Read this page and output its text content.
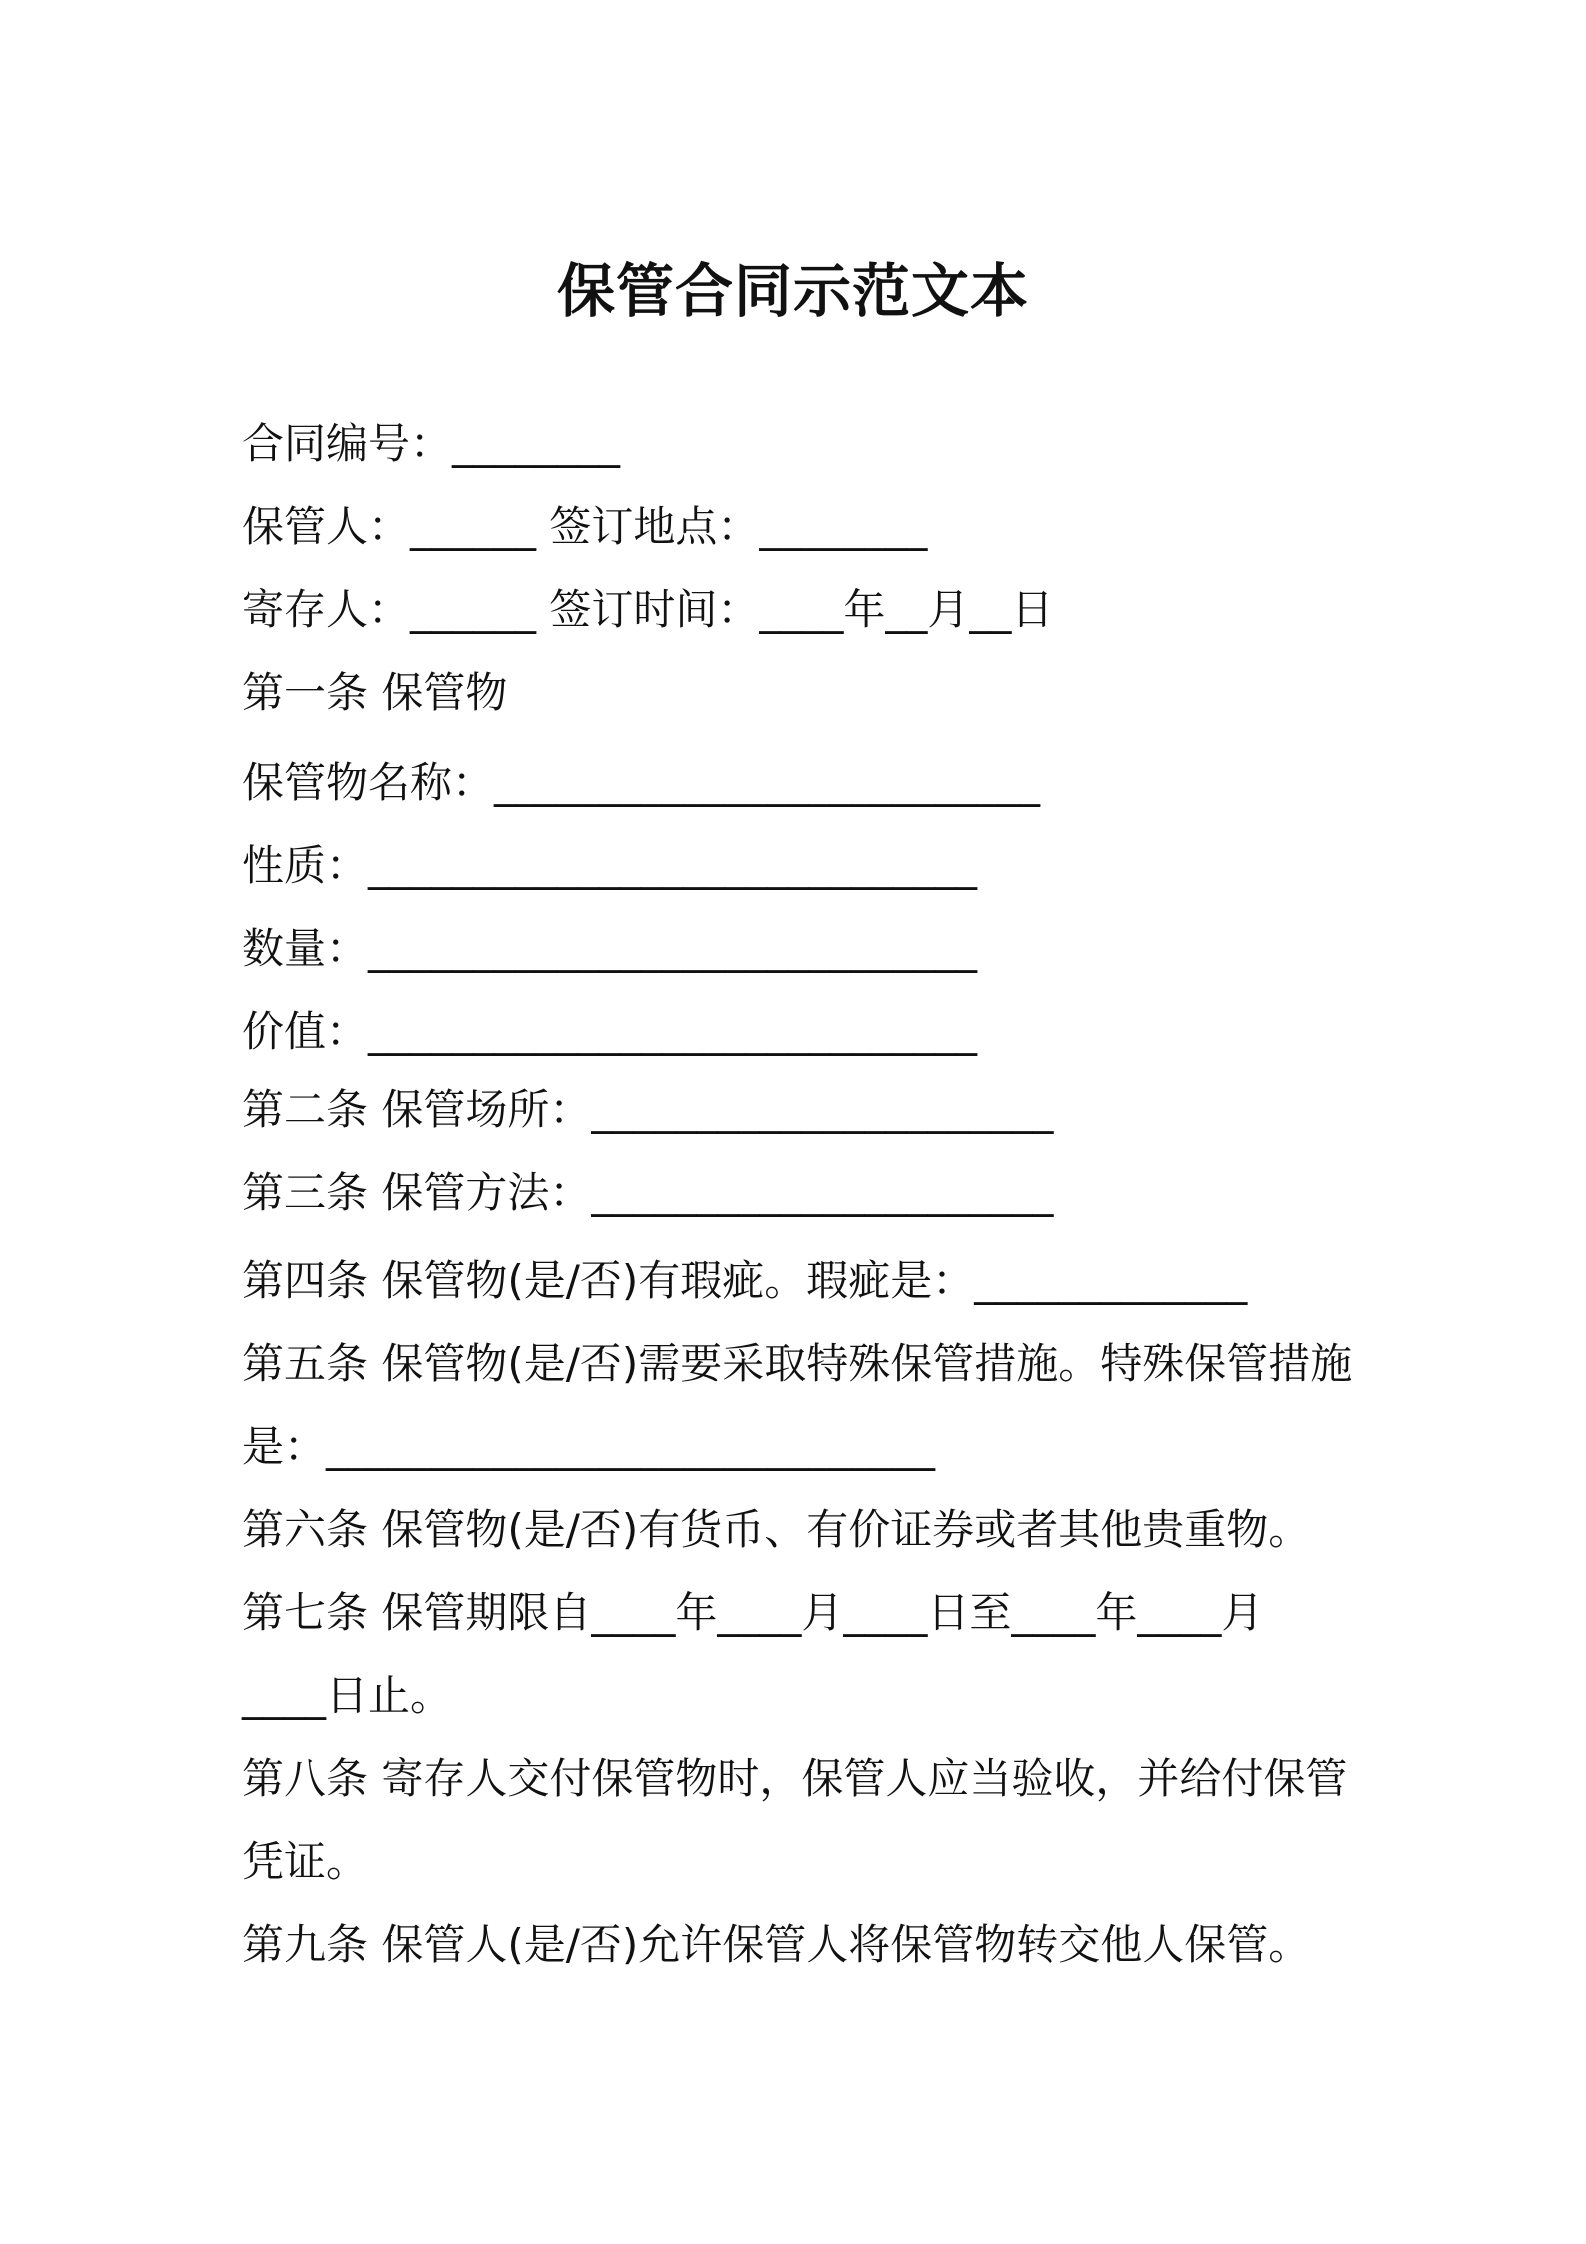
保管合同示范文本
合同编号：________
保管人：______ 签订地点：________
寄存人：______ 签订时间：____年__月__日
第一条 保管物
保管物名称：__________________________
性质：_____________________________
数量：_____________________________
价值：_____________________________
第二条 保管场所：______________________
第三条 保管方法：______________________
第四条 保管物(是/否)有瑕疵。瑕疵是：_____________
第五条 保管物(是/否)需要采取特殊保管措施。特殊保管措施
是：_____________________________
第六条 保管物(是/否)有货币、有价证券或者其他贵重物。
第七条 保管期限自____年____月____日至____年____月
____日止。
第八条 寄存人交付保管物时，保管人应当验收，并给付保管
凭证。
第九条 保管人(是/否)允许保管人将保管物转交他人保管。
